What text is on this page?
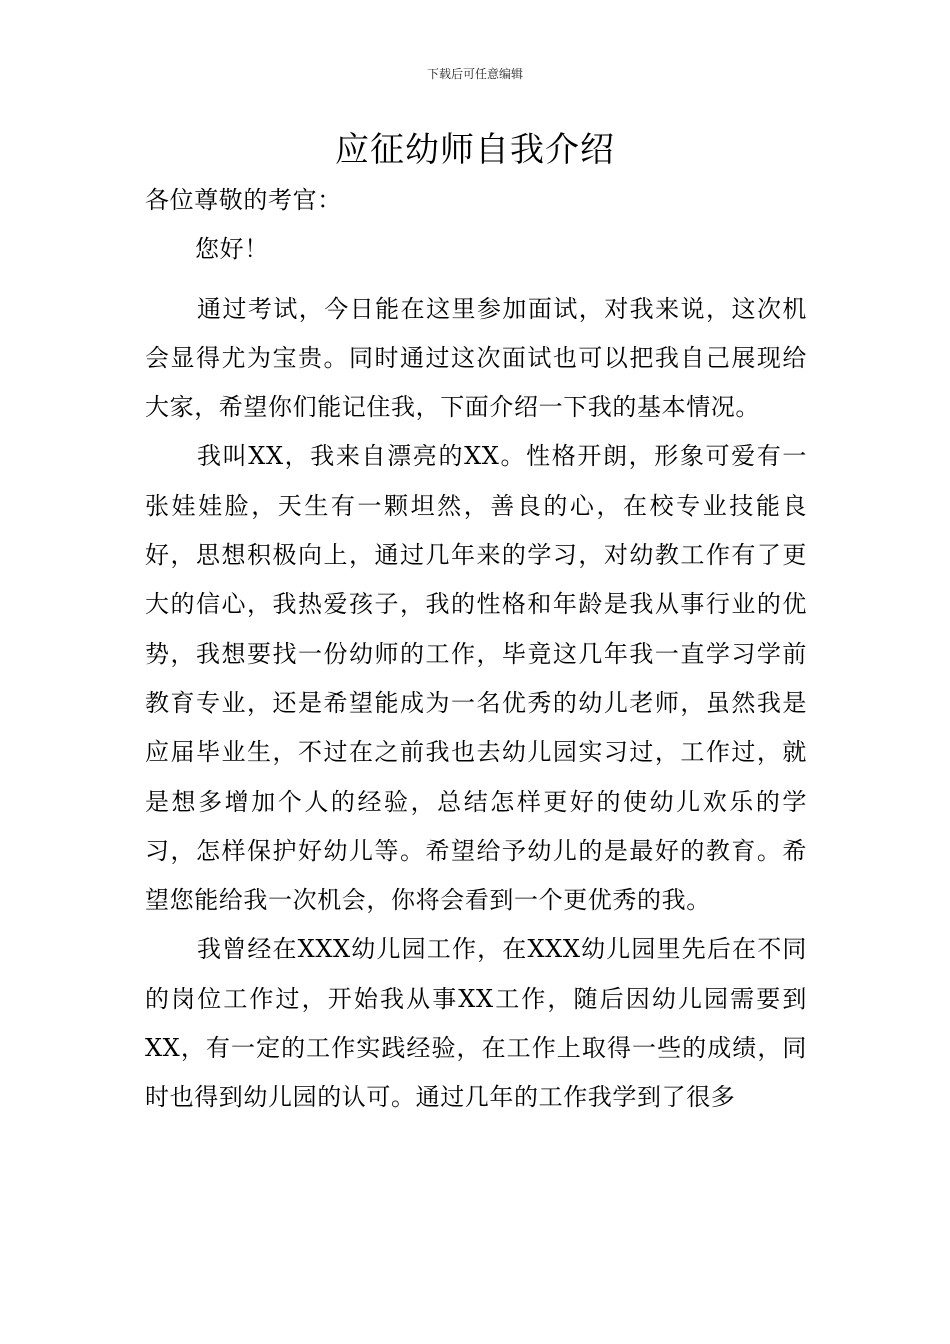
下载后可任意编辑
应征幼师自我介绍

各位尊敬的考官：

您好！

通过考试，今日能在这里参加面试，对我来说，这次机会显得尤为宝贵。同时通过这次面试也可以把我自己展现给大家，希望你们能记住我，下面介绍一下我的基本情况。

我叫XX，我来自漂亮的XX。性格开朗，形象可爱有一张娃娃脸，天生有一颗坦然，善良的心，在校专业技能良好，思想积极向上，通过几年来的学习，对幼教工作有了更大的信心，我热爱孩子，我的性格和年龄是我从事行业的优势，我想要找一份幼师的工作，毕竟这几年我一直学习学前教育专业，还是希望能成为一名优秀的幼儿老师，虽然我是应届毕业生，不过在之前我也去幼儿园实习过，工作过，就是想多增加个人的经验，总结怎样更好的使幼儿欢乐的学习，怎样保护好幼儿等。希望给予幼儿的是最好的教育。希望您能给我一次机会，你将会看到一个更优秀的我。

我曾经在XXX幼儿园工作，在XXX幼儿园里先后在不同的岗位工作过，开始我从事XX工作，随后因幼儿园需要到XX，有一定的工作实践经验，在工作上取得一些的成绩，同时也得到幼儿园的认可。通过几年的工作我学到了很多
